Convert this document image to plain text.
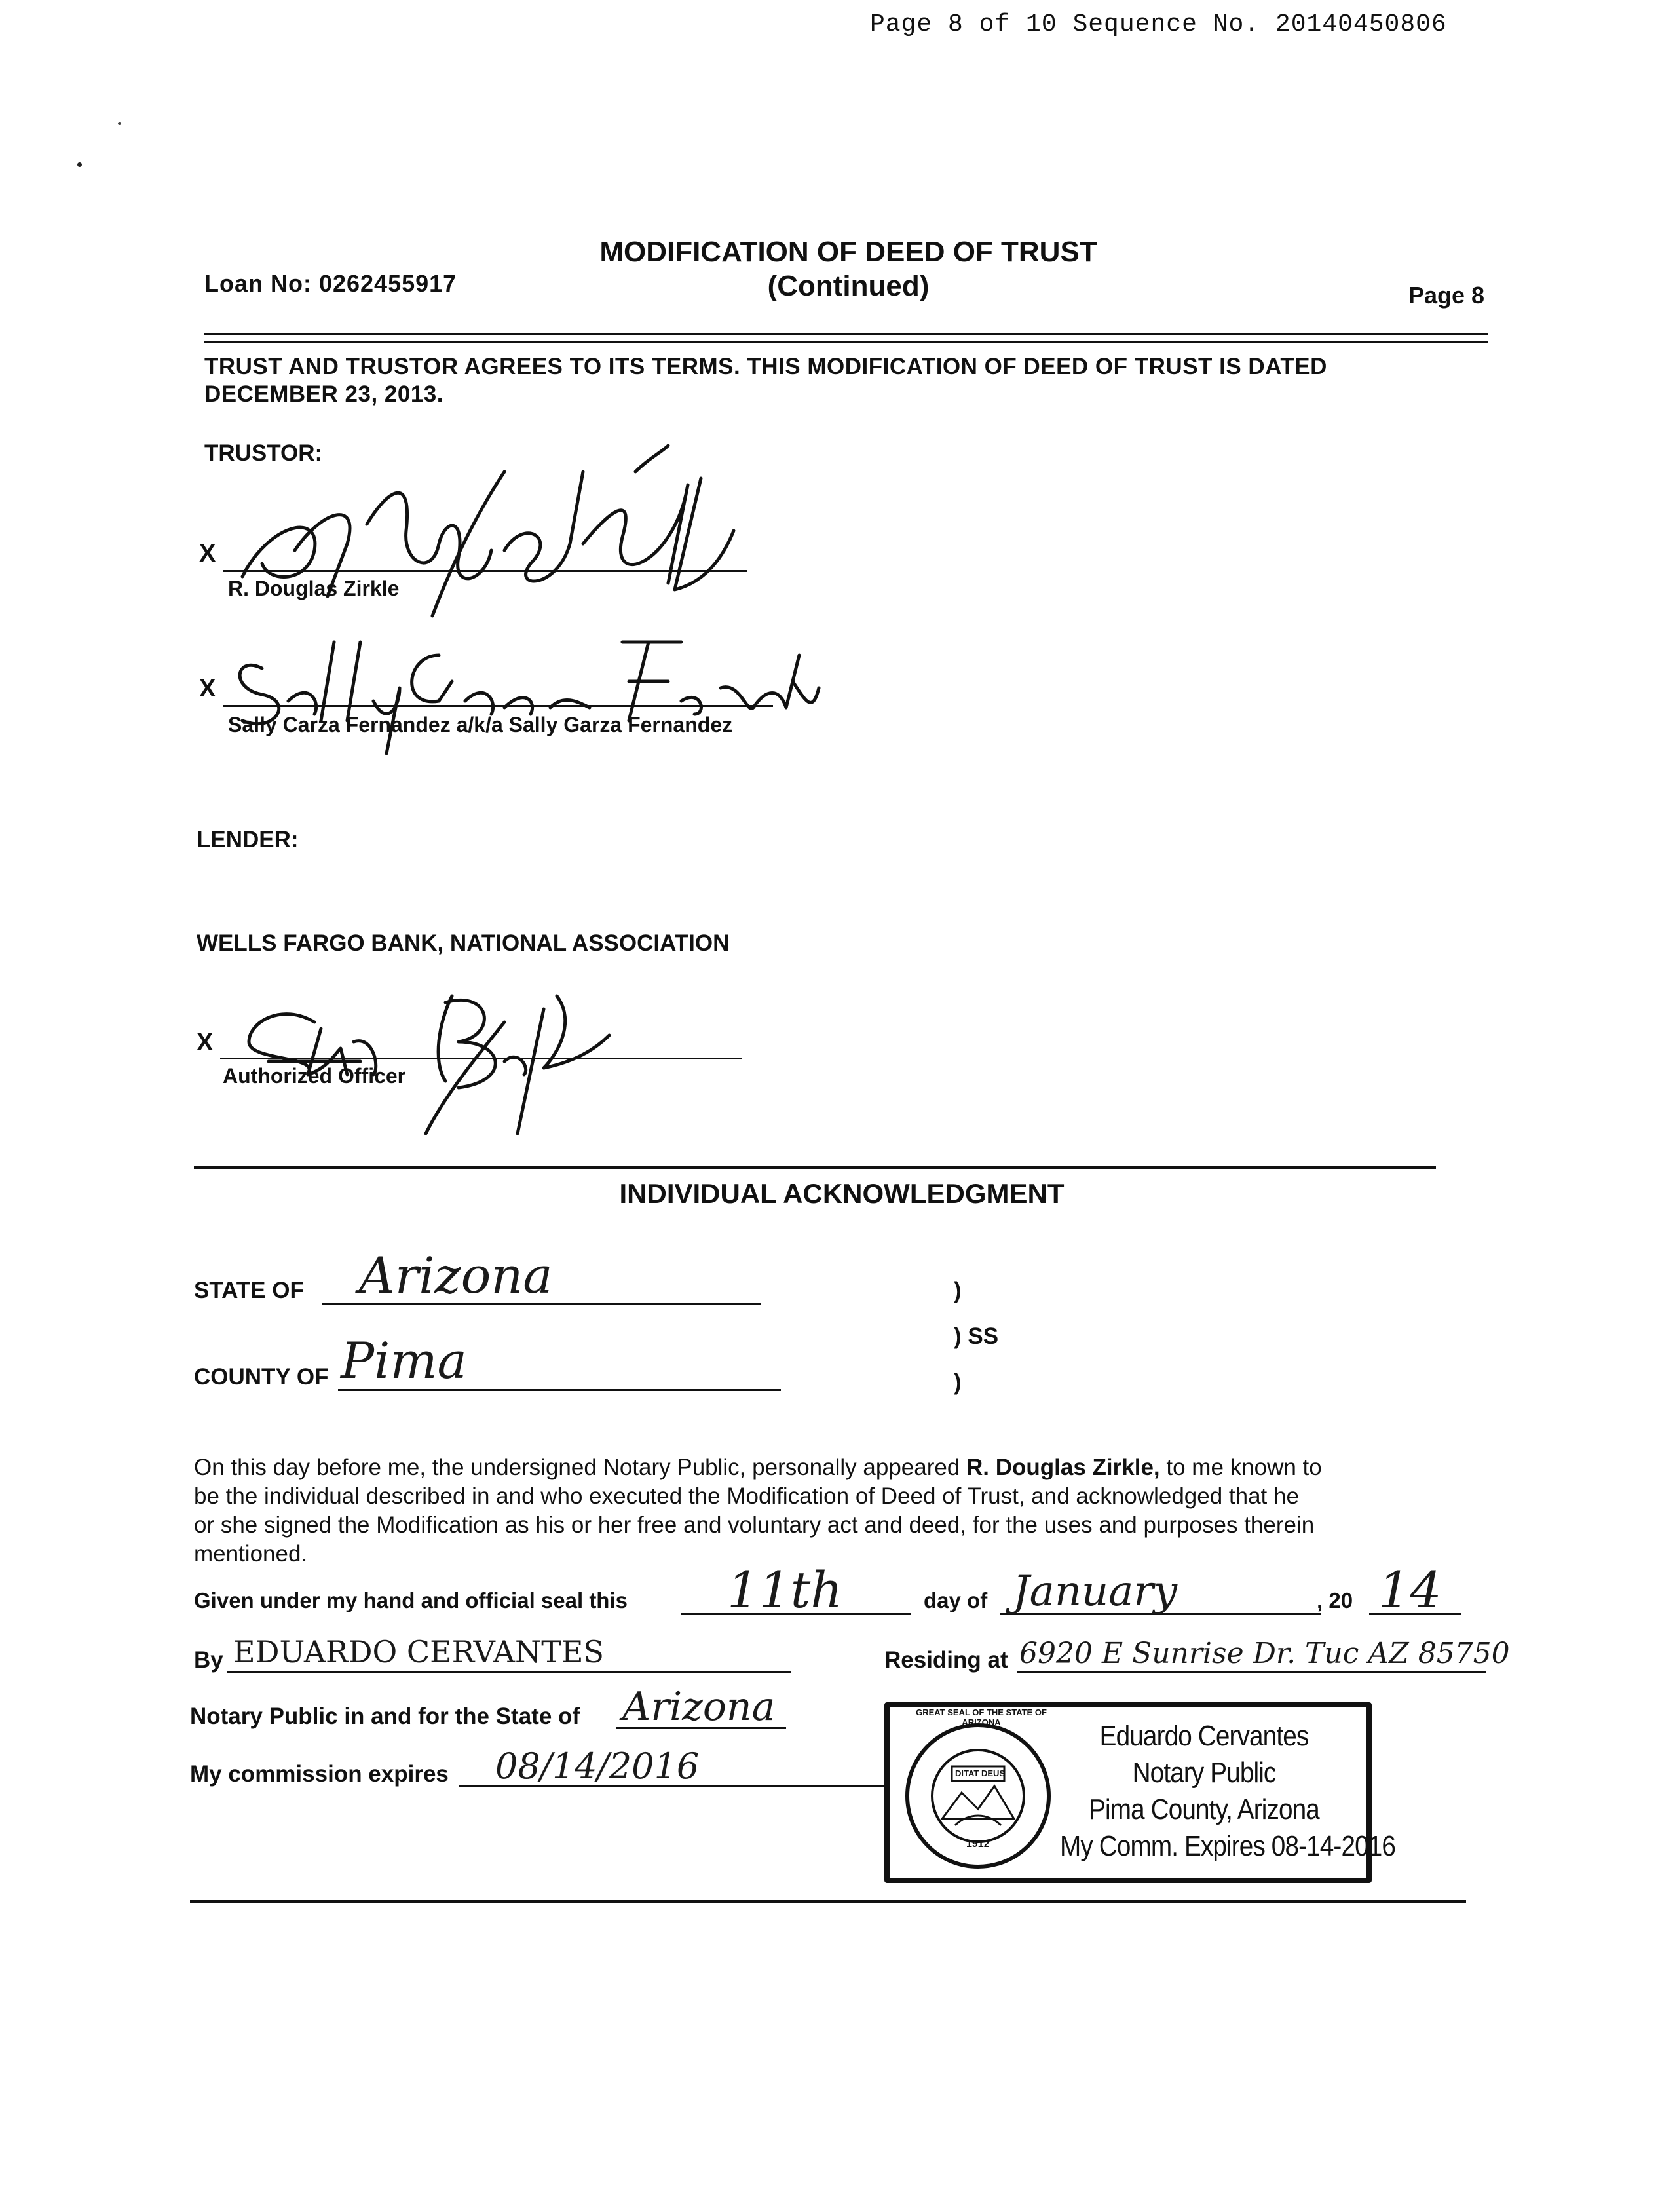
Page 8 of 10 Sequence No. 20140450806
MODIFICATION OF DEED OF TRUST
(Continued)
Loan No: 0262455917	Page 8
TRUST AND TRUSTOR AGREES TO ITS TERMS. THIS MODIFICATION OF DEED OF TRUST IS DATED
DECEMBER 23, 2013.
TRUSTOR:
X
R. Douglas Zirkle
X
Sally Carza Fernandez a/k/a Sally Garza Fernandez
LENDER:
WELLS FARGO BANK, NATIONAL ASSOCIATION
X
Authorized Officer
INDIVIDUAL ACKNOWLEDGMENT
STATE OF Arizona
COUNTY OF Pima
)
) SS
)
On this day before me, the undersigned Notary Public, personally appeared R. Douglas Zirkle, to me known to
be the individual described in and who executed the Modification of Deed of Trust, and acknowledged that he
or she signed the Modification as his or her free and voluntary act and deed, for the uses and purposes therein
mentioned.
Given under my hand and official seal this 11th	day of January	, 20 14
By EDUARDO CERVANTES	Residing at 6920 E Sunrise Dr. Tuc AZ 85750
Notary Public in and for the State of Arizona
My commission expires 08/14/2016	DITAT DEUS
1912
GREAT SEAL OF THE STATE OF ARIZONA	Eduardo Cervantes
Notary Public
Pima County, Arizona
My Comm. Expires 08-14-2016
